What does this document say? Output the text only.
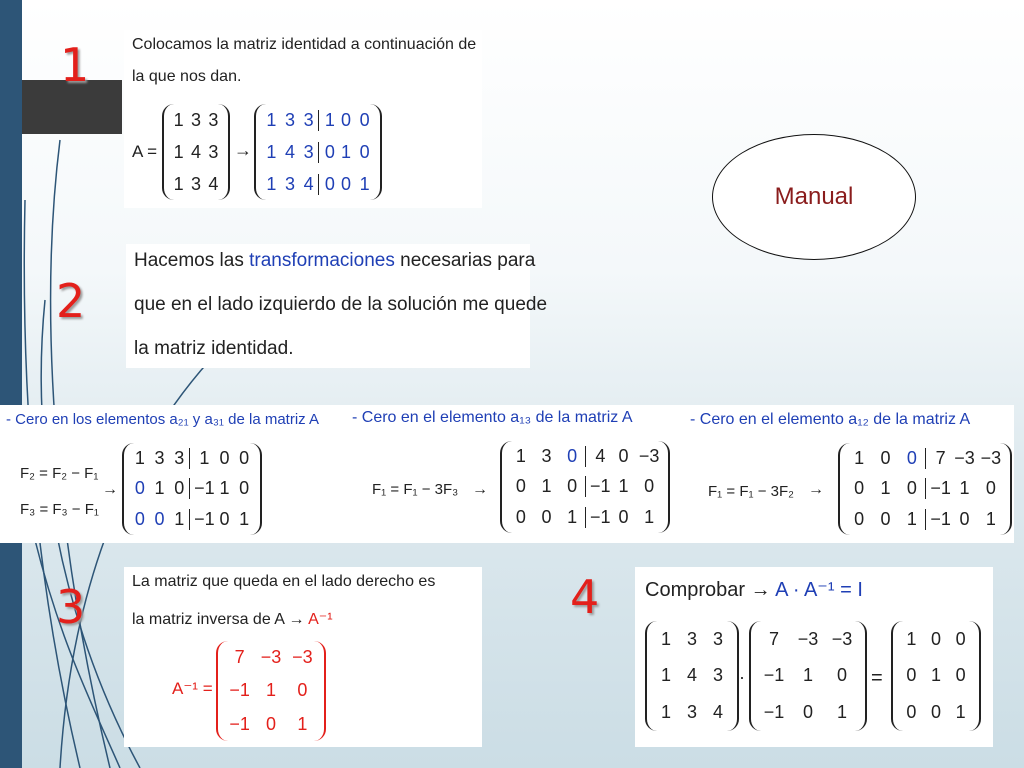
1
2
3	4
Manual
Colocamos la matriz identidad a continuación de
la que nos dan.
A =
1 3 3
1 4 3
1 3 4
→
1 3 3 1 0 0
1 4 3 0 1 0
1 3 4 0 0 1
Hacemos las transformaciones necesarias para
que en el lado izquierdo de la solución me quede
la matriz identidad.
- Cero en los elementos a₂₁ y a₃₁ de la matriz A
F₂ = F₂ − F₁
F₃ = F₃ − F₁
→
1 3 3 1 0 0
0 1 0 −1 1 0
0 0 1 −1 0 1
- Cero en el elemento a₁₃ de la matriz A
F₁ = F₁ − 3F₃ →
1 3 0	4 0 −3
0 1 0 −1 1 0
0 0 1 −1 0 1
- Cero en el elemento a₁₂ de la matriz A
F₁ = F₁ − 3F₂ →
1 0 0	7 −3 −3
0 1 0 −1 1 0
0 0 1 −1 0 1
La matriz que queda en el lado derecho es
la matriz inversa de A → A⁻¹
A⁻¹ =
7 −3 −3
−1 1 0
−1 0 1
Comprobar → A · A⁻¹ = I
1 3 3
1 4 3
1 3 4
·
7 −3 −3
−1 1 0
−1 0 1
=
1 0 0
0 1 0
0 0 1
